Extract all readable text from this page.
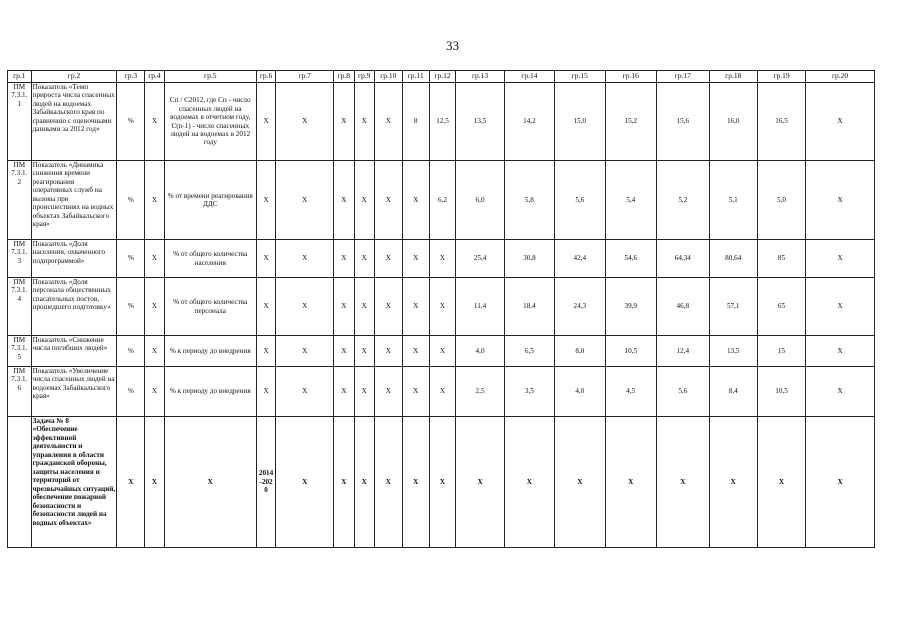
33
гр.1	гр.2	гр.3	гр.4	гр.5	гр.6	гр.7	гр.8	гр.9	гр.10	гр.11	гр.12	гр.13	гр.14	гр.15	гр.16	гр.17	гр.18	гр.19	гр.20
ПМ 7.3.1. 1	Показатель «Темп прироста числа спасенных людей на водоемах Забайкальского края по сравнению с оценочными данными за 2012 год»	%	X	Сп / C2012, где Сп - число спасенных людей на водоемах в отчетном году, C(n-1) - число спасенных людей на водоемах в 2012 году	X	X	X	X	X	8	12,5	13,5	14,2	15,0	15,2	15,6	16,0	16,5	X
ПМ 7.3.1. 2	Показатель «Динамика снижения времени реагирования оперативных служб на вызовы при происшествиях на водных объектах Забайкальского края»	%	X	% от времени реагирования ДДС	X	X	X	X	X	X	6,2	6,0	5,8	5,6	5,4	5,2	5,1	5,0	X
ПМ 7.3.1. 3	Показатель «Доля населения, охваченного подпрограммой»	%	X	% от общего количества населения	X	X	X	X	X	X	X	25,4	30,8	42,4	54,6	64,34	80,64	85	X
ПМ 7.3.1. 4	Показатель «Доля персонала общественных спасательных постов, прошедшего подготовку»	%	X	% от общего количества персонала	X	X	X	X	X	X	X	11,4	18,4	24,3	39,9	46,8	57,1	65	X
ПМ 7.3.1. 5	Показатель «Снижение числа погибших людей»	%	X	% к периоду до внедрения	X	X	X	X	X	X	X	4,0	6,5	8,0	10,5	12,4	13,5	15	X
ПМ 7.3.1. 6	Показатель «Увеличение числа спасенных людей на водоемах Забайкальского края»	%	X	% к периоду до внедрения	X	X	X	X	X	X	X	2,5	3,5	4,0	4,5	5,6	8,4	10,5	X
	Задача № 8 «Обеспечение эффективной деятельности и управления в области гражданской обороны, защиты населения и территорий от чрезвычайных ситуаций, обеспечение пожарной безопасности и безопасности людей на водных объектах»	X	X	X	2014-2020	X	X	X	X	X	X	X	X	X	X	X	X	X	X
